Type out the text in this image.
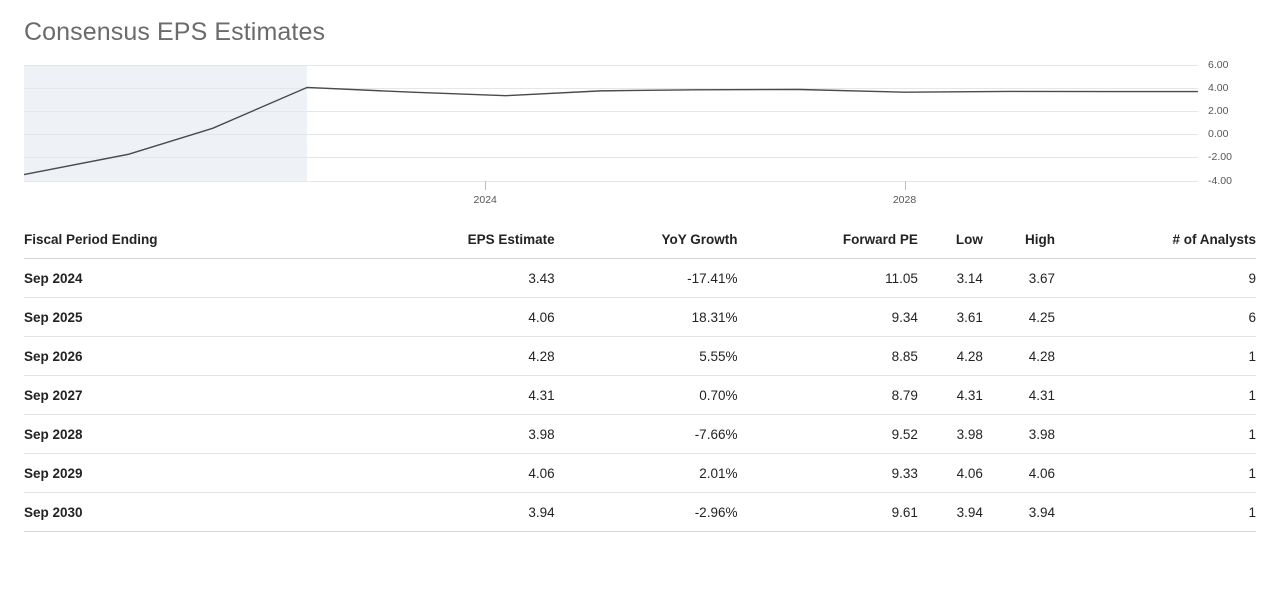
Consensus EPS Estimates
6.00
4.00
2.00
0.00
-2.00
-4.00
2024	2028
Fiscal Period Ending	EPS Estimate	YoY Growth	Forward PE	Low	High	# of Analysts
Sep 2024	3.43	-17.41%	11.05	3.14	3.67	9
Sep 2025	4.06	18.31%	9.34	3.61	4.25	6
Sep 2026	4.28	5.55%	8.85	4.28	4.28	1
Sep 2027	4.31	0.70%	8.79	4.31	4.31	1
Sep 2028	3.98	-7.66%	9.52	3.98	3.98	1
Sep 2029	4.06	2.01%	9.33	4.06	4.06	1
Sep 2030	3.94	-2.96%	9.61	3.94	3.94	1
